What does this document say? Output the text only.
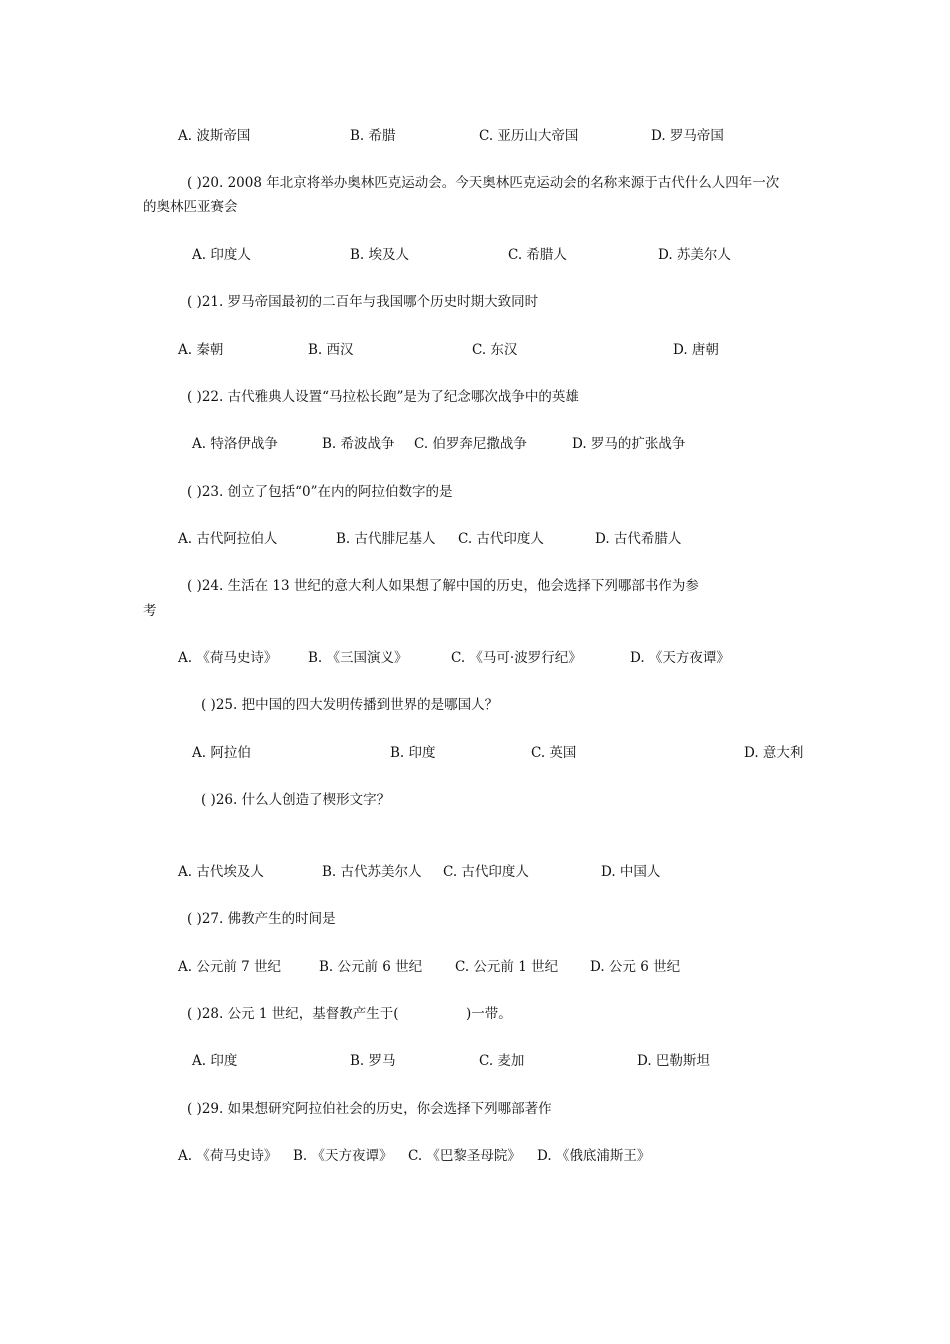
A. 波斯帝国	B. 希腊	C. 亚历山大帝国	D. 罗马帝国
( )20. 2008 年北京将举办奥林匹克运动会。今天奥林匹克运动会的名称来源于古代什么人四年一次
的奥林匹亚赛会
A. 印度人	B. 埃及人	C. 希腊人	D. 苏美尔人
( )21. 罗马帝国最初的二百年与我国哪个历史时期大致同时
A. 秦朝	B. 西汉	C. 东汉	D. 唐朝
( )22. 古代雅典人设置“马拉松长跑”是为了纪念哪次战争中的英雄
A. 特洛伊战争	B. 希波战争 C. 伯罗奔尼撒战争	D. 罗马的扩张战争
( )23. 创立了包括“0”在内的阿拉伯数字的是
A. 古代阿拉伯人	B. 古代腓尼基人 C. 古代印度人	D. 古代希腊人
( )24. 生活在 13 世纪的意大利人如果想了解中国的历史，他会选择下列哪部书作为参
考
A. 《荷马史诗》 B. 《三国演义》	C. 《马可·波罗行纪》	D. 《天方夜谭》
( )25. 把中国的四大发明传播到世界的是哪国人？
A. 阿拉伯	B. 印度	C. 英国	D. 意大利
( )26. 什么人创造了楔形文字？
A. 古代埃及人	B. 古代苏美尔人 C. 古代印度人	D. 中国人
( )27. 佛教产生的时间是
A. 公元前 7 世纪	B. 公元前 6 世纪 C. 公元前 1 世纪 D. 公元 6 世纪
( )28. 公元 1 世纪，基督教产生于(　　　　　)一带。
A. 印度	B. 罗马	C. 麦加	D. 巴勒斯坦
( )29. 如果想研究阿拉伯社会的历史，你会选择下列哪部著作
A. 《荷马史诗》 B. 《天方夜谭》 C. 《巴黎圣母院》 D. 《俄底浦斯王》
